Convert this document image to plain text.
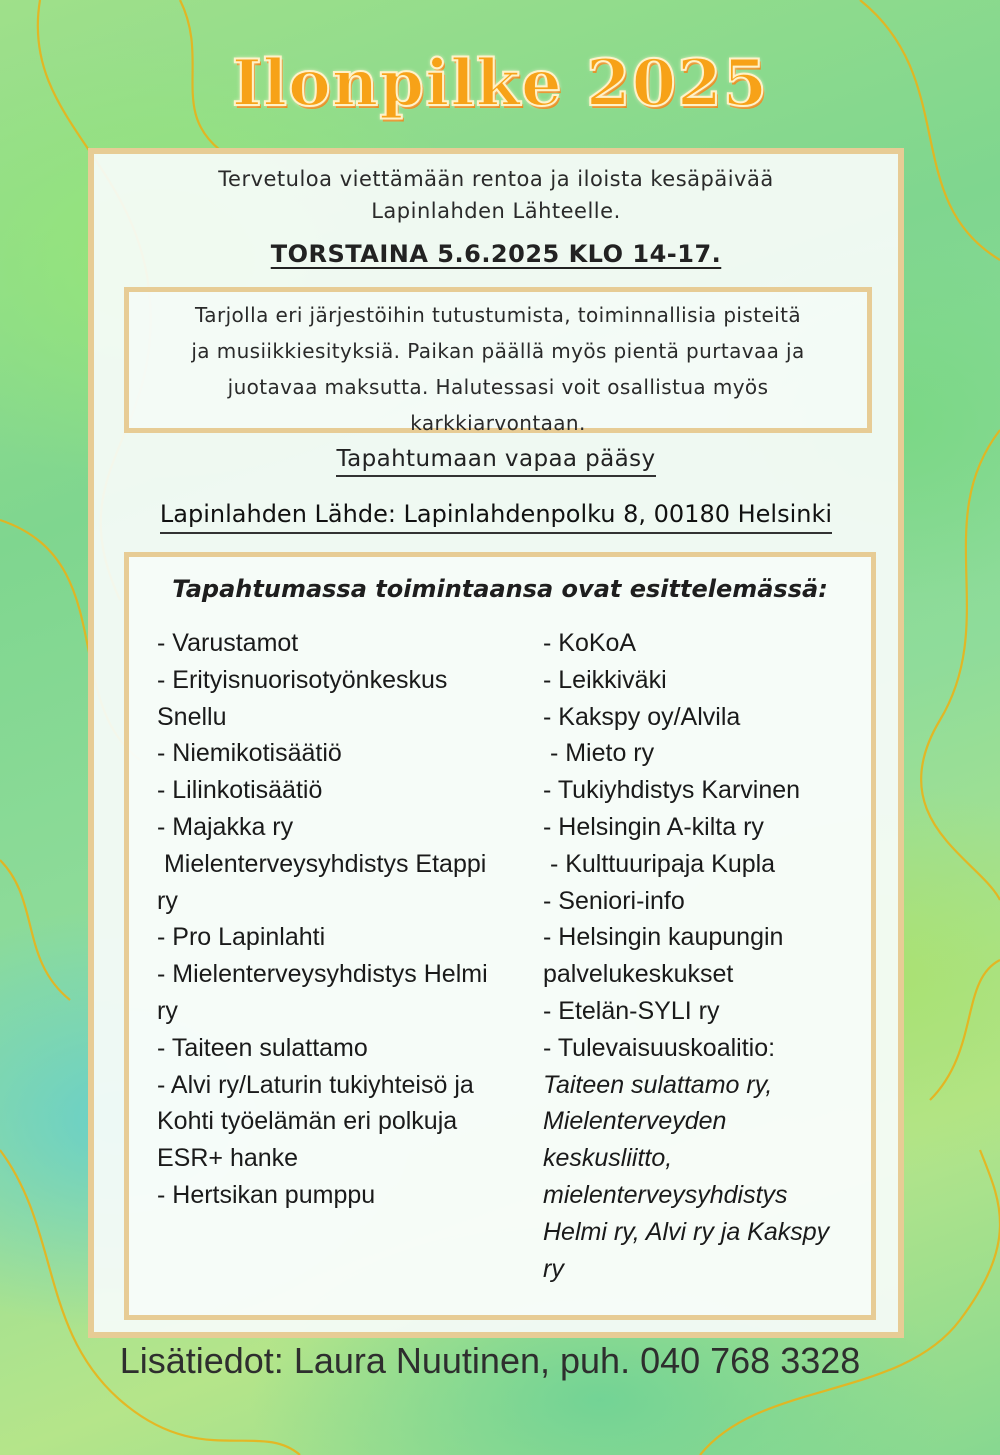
Ilonpilke 2025
Tervetuloa viettämään rentoa ja iloista kesäpäivää
Lapinlahden Lähteelle.
TORSTAINA 5.6.2025 KLO 14-17.
Tarjolla eri järjestöihin tutustumista, toiminnallisia pisteitä
ja musiikkiesityksiä. Paikan päällä myös pientä purtavaa ja
juotavaa maksutta. Halutessasi voit osallistua myös
karkkiarvontaan.
Tapahtumaan vapaa pääsy
Lapinlahden Lähde: Lapinlahdenpolku 8, 00180 Helsinki
Tapahtumassa toimintaansa ovat esittelemässä:
- Varustamot
- Erityisnuorisotyönkeskus
Snellu
- Niemikotisäätiö
- Lilinkotisäätiö
- Majakka ry
Mielenterveysyhdistys Etappi
ry
- Pro Lapinlahti
- Mielenterveysyhdistys Helmi
ry
- Taiteen sulattamo
- Alvi ry/Laturin tukiyhteisö ja
Kohti työelämän eri polkuja
ESR+ hanke
- Hertsikan pumppu
- KoKoA
- Leikkiväki
- Kakspy oy/Alvila
- Mieto ry
- Tukiyhdistys Karvinen
- Helsingin A-kilta ry
- Kulttuuripaja Kupla
- Seniori-info
- Helsingin kaupungin
palvelukeskukset
- Etelän-SYLI ry
- Tulevaisuuskoalitio:
Taiteen sulattamo ry,
Mielenterveyden
keskusliitto,
mielenterveysyhdistys
Helmi ry, Alvi ry ja Kakspy
ry
Lisätiedot: Laura Nuutinen, puh. 040 768 3328
